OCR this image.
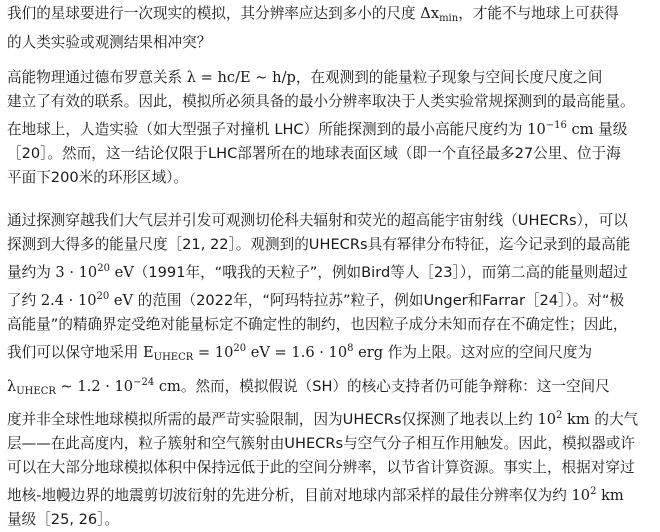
我们的星球要进行一次现实的模拟，其分辨率应达到多小的尺度 $\Delta x_{min}$，才能不与地球上可获得
的人类实验或观测结果相冲突？
高能物理通过德布罗意关系 λ = hc/E ∼ h/p，在观测到的能量粒子现象与空间长度尺度之间
建立了有效的联系。因此，模拟所必须具备的最小分辨率取决于人类实验常规探测到的最高能量。
在地球上，人造实验（如大型强子对撞机 LHC）所能探测到的最小高能尺度约为 $10^{-16}$ cm 量级
［20］。然而，这一结论仅限于LHC部署所在的地球表面区域（即一个直径最多27公里、位于海
平面下200米的环形区域）。
通过探测穿越我们大气层并引发可观测切伦科夫辐射和荧光的超高能宇宙射线（UHECRs），可以
探测到大得多的能量尺度［21, 22］。观测到的UHECRs具有幂律分布特征，迄今记录到的最高能
量约为 $3 \cdot 10^{20}$ eV（1991年，“哦我的天粒子”，例如Bird等人［23］），而第二高的能量则超过
了约 $2.4 \cdot 10^{20}$ eV 的范围（2022年，“阿玛特拉苏”粒子，例如Unger和Farrar［24］）。对“极
高能量”的精确界定受绝对能量标定不确定性的制约，也因粒子成分未知而存在不确定性；因此，
我们可以保守地采用 $E_{UHECR} = 10^{20}$ eV = $1.6 \cdot 10^8$ erg 作为上限。这对应的空间尺度为
$\lambda_{UHECR}$ ∼ $1.2 \cdot 10^{-24}$ cm。然而，模拟假说（SH）的核心支持者仍可能争辩称：这一空间尺
度并非全球性地球模拟所需的最严苛实验限制，因为UHECRs仅探测了地表以上约 $10^2$ km 的大气
层——在此高度内，粒子簇射和空气簇射由UHECRs与空气分子相互作用触发。因此，模拟器或许
可以在大部分地球模拟体积中保持远低于此的空间分辨率，以节省计算资源。事实上，根据对穿过
地核-地幔边界的地震剪切波衍射的先进分析，目前对地球内部采样的最佳分辨率仅为约 $10^2$ km
量级［25, 26］。
